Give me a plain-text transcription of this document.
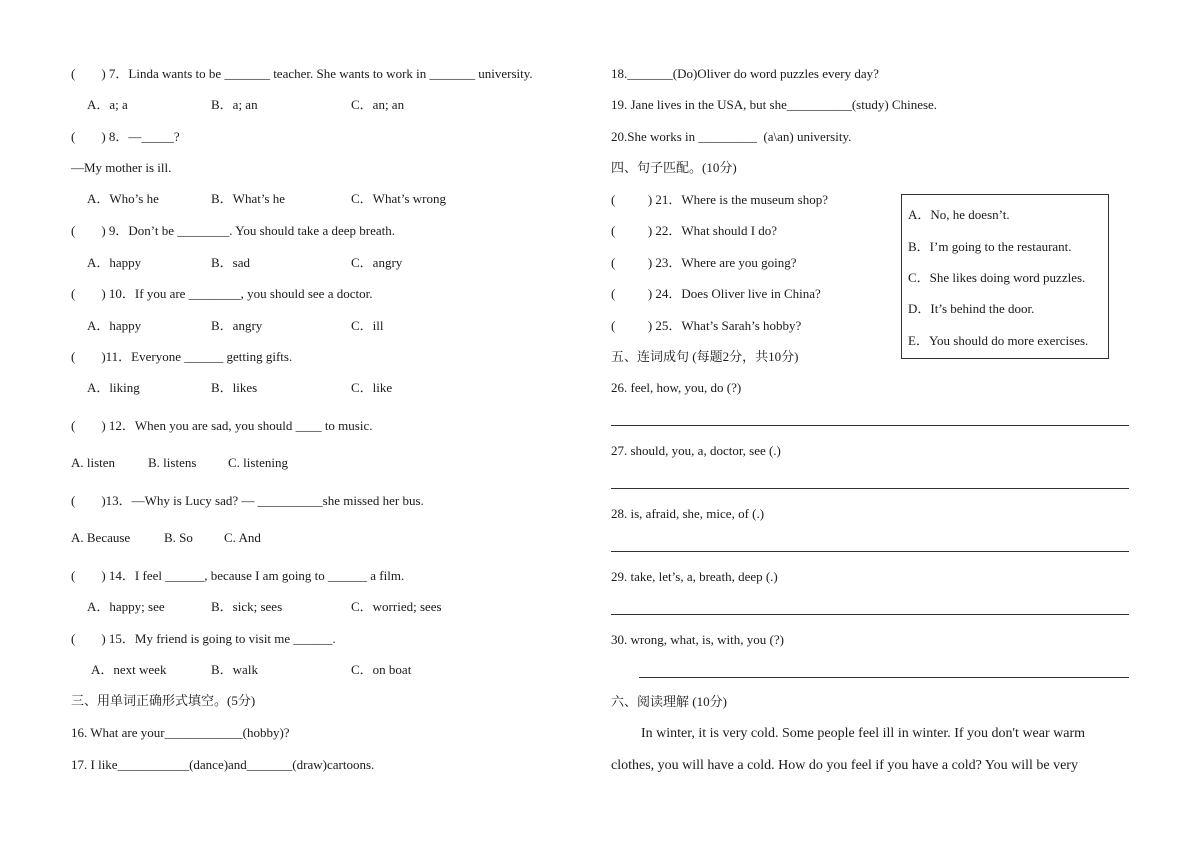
(        ) 7．Linda wants to be _______ teacher. She wants to work in _______ university.
A．a; a	B．a; an	C．an; an
(        ) 8．—_____?
—My mother is ill.
A．Who’s he	B．What’s he	C．What’s wrong
(        ) 9．Don’t be ________. You should take a deep breath.
A．happy	B．sad	C．angry
(        ) 10．If you are ________, you should see a doctor.
A．happy	B．angry	C．ill
(        )11．Everyone ______ getting gifts.
A．liking	B．likes	C．like
(        ) 12．When you are sad, you should ____ to music.
A. listen	B. listens C. listening
(        )13．—Why is Lucy sad? — __________she missed her bus.
A. Because	B. So C. And
(        ) 14．I feel ______, because I am going to ______ a film.
A．happy; see	B．sick; sees	C．worried; sees
(        ) 15．My friend is going to visit me ______.
A．next week	B．walk	C．on boat
三、用单词正确形式填空。(5分)
16. What are your____________(hobby)?
17. I like___________(dance)and_______(draw)cartoons.
18._______(Do)Oliver do word puzzles every day?
19. Jane lives in the USA, but she__________(study) Chinese.
20.She works in _________  (a\an) university.
四、句子匹配。(10分)
(          ) 21．Where is the museum shop?
(          ) 22．What should I do?
(          ) 23．Where are you going?
(          ) 24．Does Oliver live in China?
(          ) 25．What’s Sarah’s hobby?
A．No, he doesn’t.
B．I’m going to the restaurant.
C．She likes doing word puzzles.
D．It’s behind the door.
E．You should do more exercises.
五、连词成句 (每题2分，共10分)
26. feel, how, you, do (?)
27. should, you, a, doctor, see (.)
28. is, afraid, she, mice, of (.)
29. take, let’s, a, breath, deep (.)
30. wrong, what, is, with, you (?)
六、阅读理解 (10分)
In winter, it is very cold. Some people feel ill in winter. If you don't wear warm
clothes, you will have a cold. How do you feel if you have a cold? You will be very
